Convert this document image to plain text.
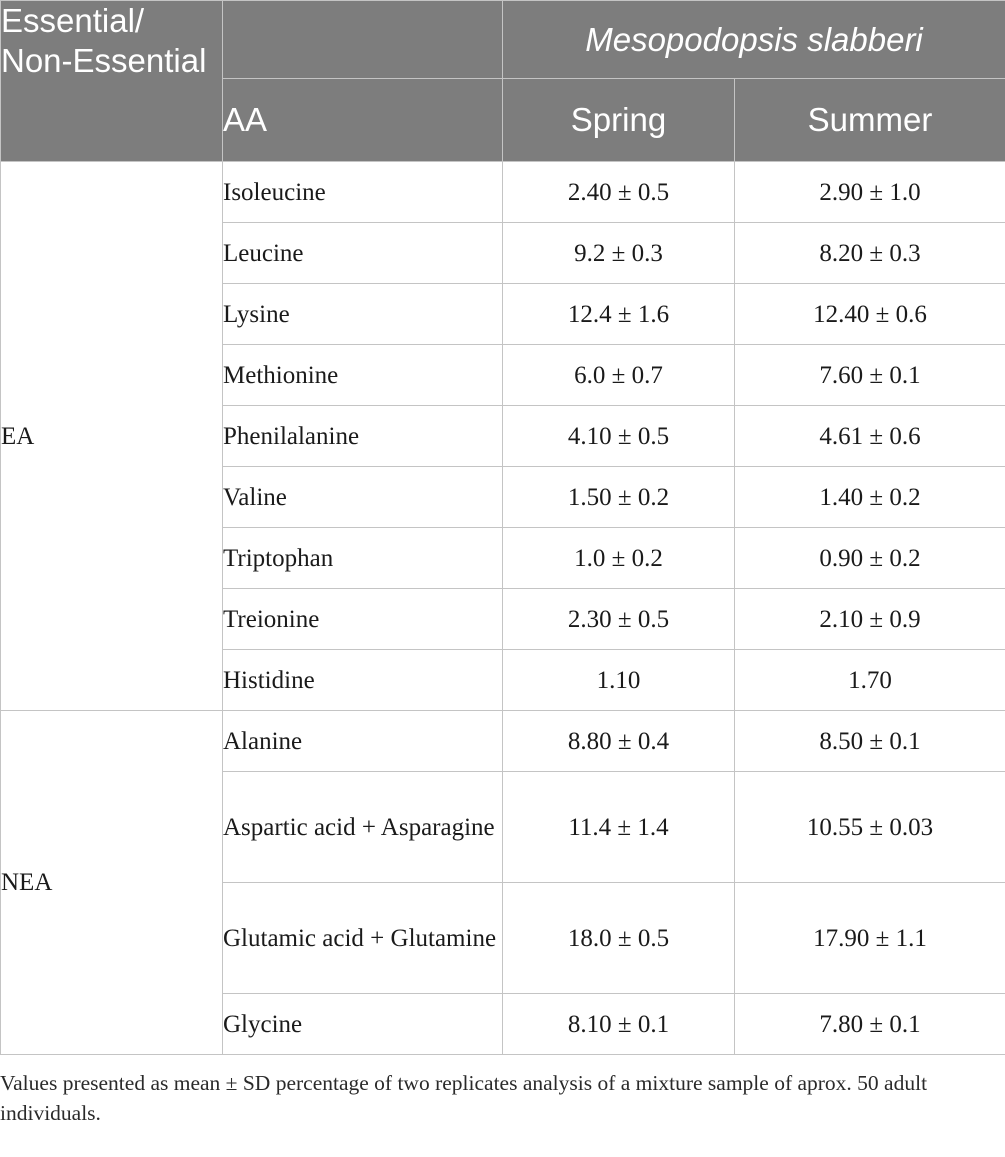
Essential/ Non-Essential		Mesopodopsis slabberi	
	AA	Spring	Summer
EA	Isoleucine	2.40 ± 0.5	2.90 ± 1.0
	Leucine	9.2 ± 0.3	8.20 ± 0.3
	Lysine	12.4 ± 1.6	12.40 ± 0.6
	Methionine	6.0 ± 0.7	7.60 ± 0.1
	Phenilalanine	4.10 ± 0.5	4.61 ± 0.6
	Valine	1.50 ± 0.2	1.40 ± 0.2
	Triptophan	1.0 ± 0.2	0.90 ± 0.2
	Treionine	2.30 ± 0.5	2.10 ± 0.9
	Histidine	1.10	1.70
NEA	Alanine	8.80 ± 0.4	8.50 ± 0.1
	Aspartic acid + Asparagine	11.4 ± 1.4	10.55 ± 0.03
	Glutamic acid + Glutamine	18.0 ± 0.5	17.90 ± 1.1
	Glycine	8.10 ± 0.1	7.80 ± 0.1

Values presented as mean ± SD percentage of two replicates analysis of a mixture sample of aprox. 50 adult individuals.
